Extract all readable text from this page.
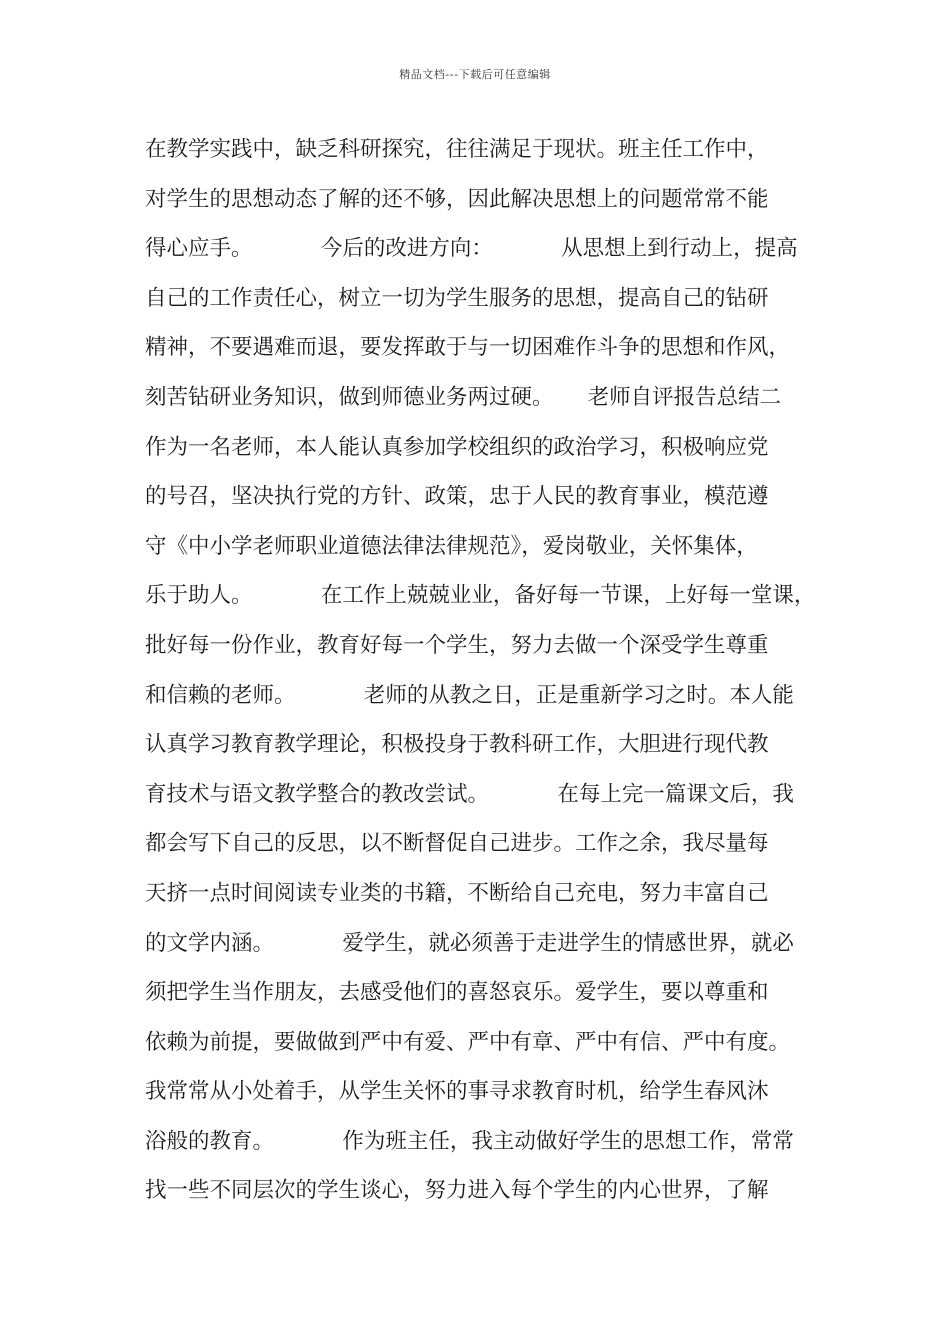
精品文档---下载后可任意编辑
在教学实践中，缺乏科研探究，往往满足于现状。班主任工作中，
对学生的思想动态了解的还不够，因此解决思想上的问题常常不能
得心应手。          今后的改进方向：          从思想上到行动上，提高
自己的工作责任心，树立一切为学生服务的思想，提高自己的钻研
精神，不要遇难而退，要发挥敢于与一切困难作斗争的思想和作风，
刻苦钻研业务知识，做到师德业务两过硬。     老师自评报告总结二
作为一名老师，本人能认真参加学校组织的政治学习，积极响应党
的号召，坚决执行党的方针、政策，忠于人民的教育事业，模范遵
守《中小学老师职业道德法律法律规范》，爱岗敬业，关怀集体，
乐于助人。          在工作上兢兢业业，备好每一节课，上好每一堂课，
批好每一份作业，教育好每一个学生，努力去做一个深受学生尊重
和信赖的老师。          老师的从教之日，正是重新学习之时。本人能
认真学习教育教学理论，积极投身于教科研工作，大胆进行现代教
育技术与语文教学整合的教改尝试。          在每上完一篇课文后，我
都会写下自己的反思，以不断督促自己进步。工作之余，我尽量每
天挤一点时间阅读专业类的书籍，不断给自己充电，努力丰富自己
的文学内涵。          爱学生，就必须善于走进学生的情感世界，就必
须把学生当作朋友，去感受他们的喜怒哀乐。爱学生，要以尊重和
依赖为前提，要做做到严中有爱、严中有章、严中有信、严中有度。
我常常从小处着手，从学生关怀的事寻求教育时机，给学生春风沐
浴般的教育。          作为班主任，我主动做好学生的思想工作，常常
找一些不同层次的学生谈心，努力进入每个学生的内心世界，了解
